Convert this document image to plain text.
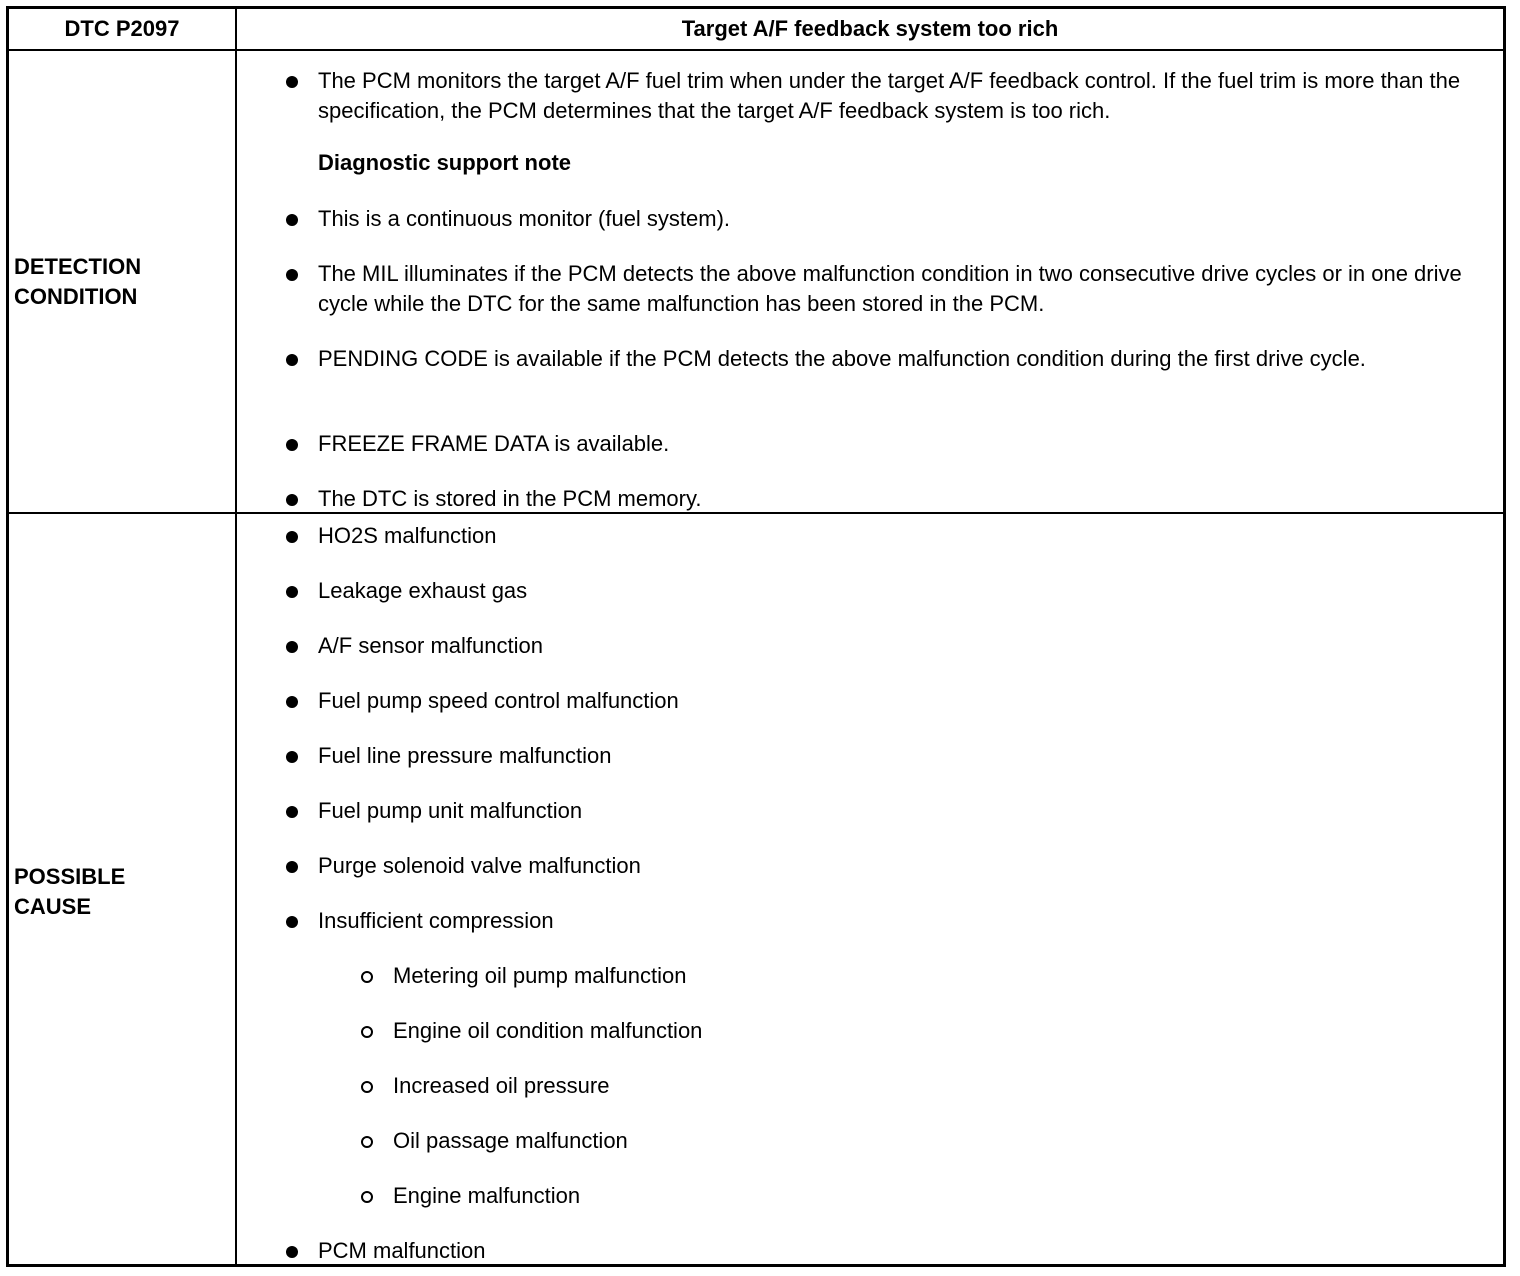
DTC P2097	Target A/F feedback system too rich
DETECTION
CONDITION
The PCM monitors the target A/F fuel trim when under the target A/F feedback control. If the fuel trim is more than the specification, the PCM determines that the target A/F feedback system is too rich.
Diagnostic support note
This is a continuous monitor (fuel system).
The MIL illuminates if the PCM detects the above malfunction condition in two consecutive drive cycles or in one drive cycle while the DTC for the same malfunction has been stored in the PCM.
PENDING CODE is available if the PCM detects the above malfunction condition during the first drive cycle.
FREEZE FRAME DATA is available.
The DTC is stored in the PCM memory.
POSSIBLE
CAUSE
HO2S malfunction
Leakage exhaust gas
A/F sensor malfunction
Fuel pump speed control malfunction
Fuel line pressure malfunction
Fuel pump unit malfunction
Purge solenoid valve malfunction
Insufficient compression
Metering oil pump malfunction
Engine oil condition malfunction
Increased oil pressure
Oil passage malfunction
Engine malfunction
PCM malfunction
